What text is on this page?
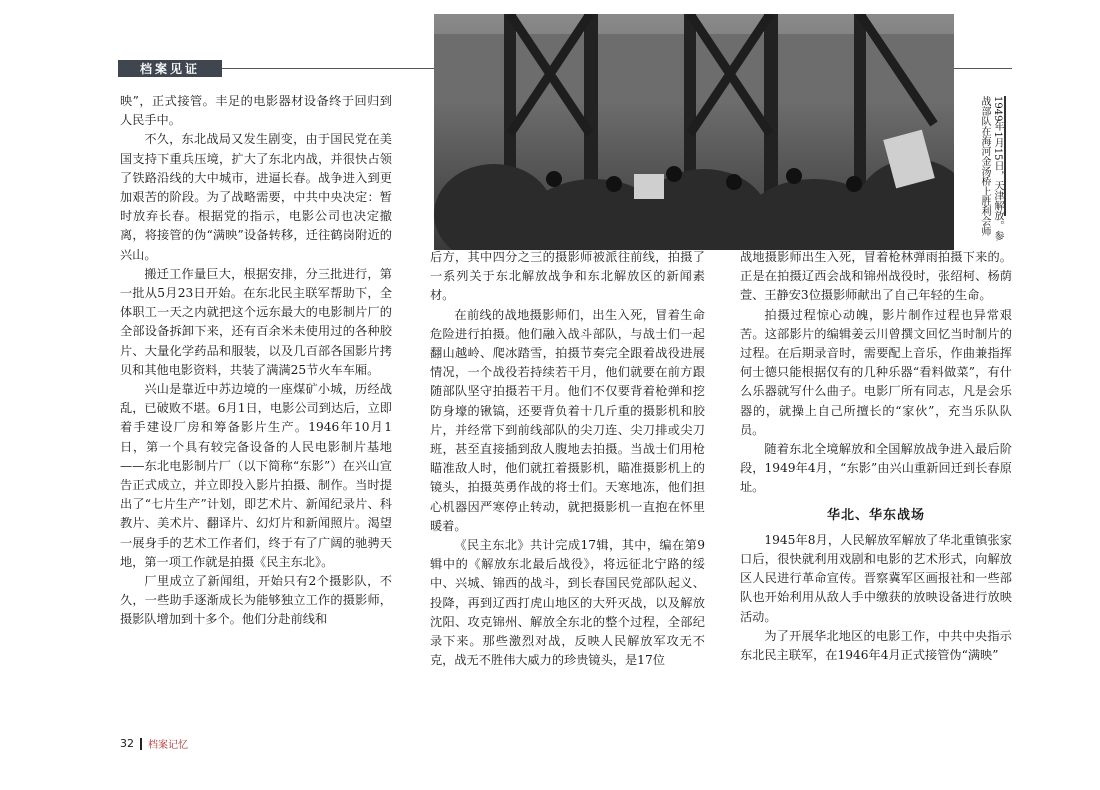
档案见证
1949年1月15日，天津解放。参战部队在海河金汤桥上胜利会师

映”，正式接管。丰足的电影器材设备终于回归到人民手中。

不久，东北战局又发生剧变，由于国民党在美国支持下重兵压境，扩大了东北内战，并很快占领了铁路沿线的大中城市，进逼长春。战争进入到更加艰苦的阶段。为了战略需要，中共中央决定：暂时放弃长春。根据党的指示，电影公司也决定撤离，将接管的伪“满映”设备转移，迁往鹤岗附近的兴山。

搬迁工作量巨大，根据安排，分三批进行，第一批从5月23日开始。在东北民主联军帮助下，全体职工一天之内就把这个远东最大的电影制片厂的全部设备拆卸下来，还有百余米未使用过的各种胶片、大量化学药品和服装，以及几百部各国影片拷贝和其他电影资料，共装了满满25节火车车厢。

兴山是靠近中苏边境的一座煤矿小城，历经战乱，已破败不堪。6月1日，电影公司到达后，立即着手建设厂房和筹备影片生产。1946年10月1日，第一个具有较完备设备的人民电影制片基地——东北电影制片厂（以下简称“东影”）在兴山宣告正式成立，并立即投入影片拍摄、制作。当时提出了“七片生产”计划，即艺术片、新闻纪录片、科教片、美术片、翻译片、幻灯片和新闻照片。渴望一展身手的艺术工作者们，终于有了广阔的驰骋天地，第一项工作就是拍摄《民主东北》。

厂里成立了新闻组，开始只有2个摄影队，不久，一些助手逐渐成长为能够独立工作的摄影师，摄影队增加到十多个。他们分赴前线和

后方，其中四分之三的摄影师被派往前线，拍摄了一系列关于东北解放战争和东北解放区的新闻素材。

在前线的战地摄影师们，出生入死，冒着生命危险进行拍摄。他们融入战斗部队，与战士们一起翻山越岭、爬冰踏雪，拍摄节奏完全跟着战役进展情况，一个战役若持续若干月，他们就要在前方跟随部队坚守拍摄若干月。他们不仅要背着枪弹和挖防身壕的锹镐，还要背负着十几斤重的摄影机和胶片，并经常下到前线部队的尖刀连、尖刀排或尖刀班，甚至直接插到敌人腹地去拍摄。当战士们用枪瞄准敌人时，他们就扛着摄影机，瞄准摄影机上的镜头，拍摄英勇作战的将士们。天寒地冻，他们担心机器因严寒停止转动，就把摄影机一直抱在怀里暖着。

《民主东北》共计完成17辑，其中，编在第9辑中的《解放东北最后战役》，将远征北宁路的绥中、兴城、锦西的战斗，到长春国民党部队起义、投降，再到辽西打虎山地区的大歼灭战，以及解放沈阳、攻克锦州、解放全东北的整个过程，全部纪录下来。那些激烈对战，反映人民解放军攻无不克，战无不胜伟大威力的珍贵镜头，是17位

战地摄影师出生入死，冒着枪林弹雨拍摄下来的。正是在拍摄辽西会战和锦州战役时，张绍柯、杨荫萱、王静安3位摄影师献出了自己年轻的生命。

拍摄过程惊心动魄，影片制作过程也异常艰苦。这部影片的编辑姜云川曾撰文回忆当时制片的过程。在后期录音时，需要配上音乐，作曲兼指挥何士德只能根据仅有的几种乐器“看料做菜”，有什么乐器就写什么曲子。电影厂所有同志，凡是会乐器的，就操上自己所擅长的“家伙”，充当乐队队员。

随着东北全境解放和全国解放战争进入最后阶段，1949年4月，“东影”由兴山重新回迁到长春原址。

华北、华东战场

1945年8月，人民解放军解放了华北重镇张家口后，很快就利用戏剧和电影的艺术形式，向解放区人民进行革命宣传。晋察冀军区画报社和一些部队也开始利用从敌人手中缴获的放映设备进行放映活动。

为了开展华北地区的电影工作，中共中央指示东北民主联军，在1946年4月正式接管伪“满映”

32 档案记忆
